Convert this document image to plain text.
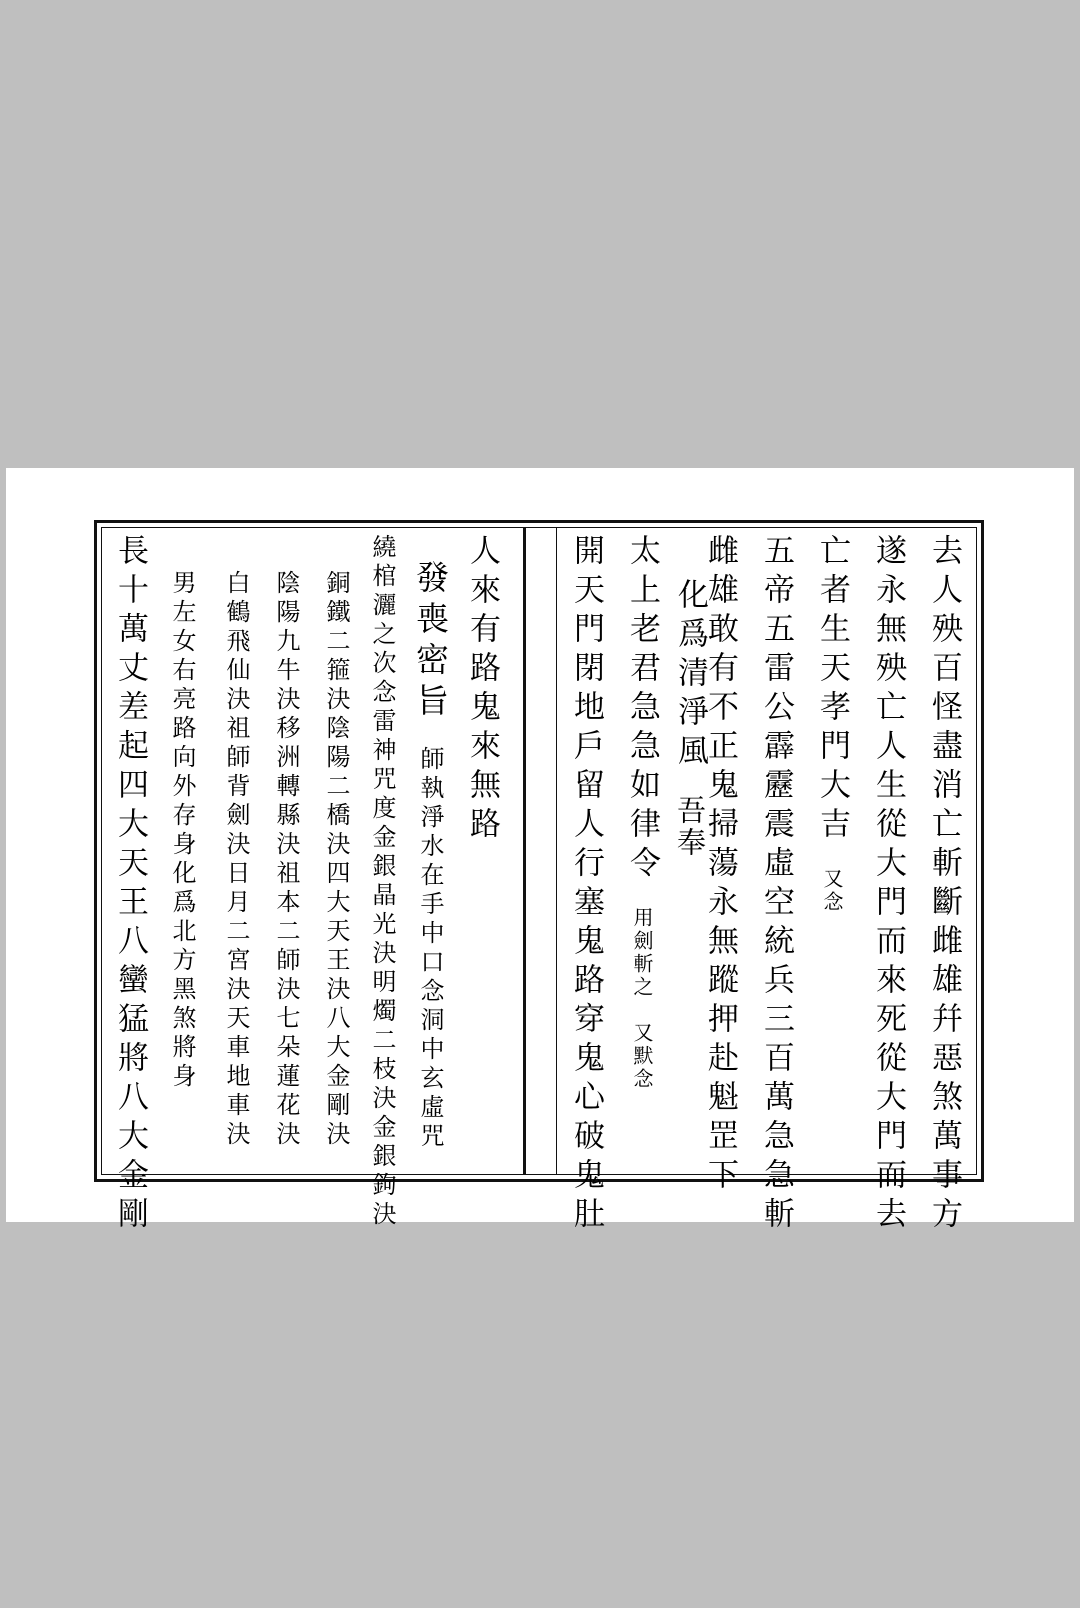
去人殃百怪盡消亡斬斷雌雄幷惡煞萬事方
遂永無殃亡人生從大門而來死從大門而去
亡者生天孝門大吉又念
五帝五雷公霹靂震虛空統兵三百萬急急斬
雌雄敢有不正鬼掃蕩永無蹤押赴魁罡下
化爲清淨風吾奉
太上老君急急如律令用劍斬之　又默念
開天門閉地戶留人行塞鬼路穿鬼心破鬼肚
人來有路鬼來無路
發喪密旨師執淨水在手中口念洞中玄虛咒
繞棺灑之次念雷神咒度金銀晶光決明燭二枝決金銀鉤決
銅鐵二箍決陰陽二橋決四大天王決八大金剛決
陰陽九牛決移洲轉縣決祖本二師決七朵蓮花決
白鶴飛仙決祖師背劍決日月二宮決天車地車決
男左女右亮路向外存身化爲北方黑煞將身
長十萬丈差起四大天王八蠻猛將八大金剛
